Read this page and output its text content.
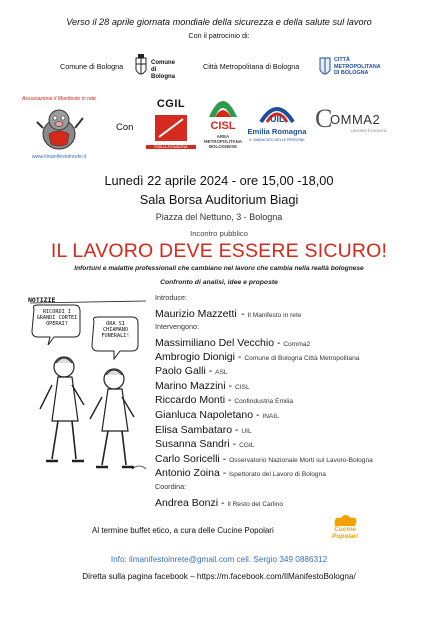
Verso il 28 aprile giornata mondiale della sicurezza e della salute sul lavoro
Con il patrocinio di:
Comune di Bologna	Comune
di Bologna
Città Metropolitana di Bologna
CITTÀ
METROPOLITANA
DI BOLOGNA
Associazione il Manifesto in rete
www.ilmanifestoinrete.it
Con
CGIL
EMILIA-ROMAGNA
CISL
AREA
METROPOLITANA
BOLOGNESE
UIL
Emilia Romagna
IL SINDACATO DELLE PERSONE
C
OMMA2
LAVORO È DIGNITÀ
Lunedì 22 aprile 2024 - ore 15,00 -18,00
Sala Borsa Auditorium Biagi
Piazza del Nettuno, 3 - Bologna
Incontro pubblico
IL LAVORO DEVE ESSERE SICURO!
Infortuni e malattie professionali che cambiano nel lavoro che cambia nella realtà bolognese
Confronto di analisi, idee e proposte
NOTIZIE
RICORDI I GRANDI CORTEI OPERAI?	ORA SI CHIAMANO FUNERALI!
Introduce:
Maurizio Mazzetti - Il Manifesto in rete
Intervengono:
Massimiliano Del Vecchio - Comma2
Ambrogio Dionigi - Comune di Bologna Città Metropolitana
Paolo Galli - ASL
Marino Mazzini - CISL
Riccardo Monti - Confindustria Emilia
Gianluca Napoletano - INAIL
Elisa Sambataro - UIL
Susanna Sandri - CGIL
Carlo Soricelli - Osservatorio Nazionale Morti sul Lavoro-Bologna
Antonio Zoina - Ispettorato del Lavoro di Bologna
Coordina:
Andrea Bonzi - Il Resto del Carlino
Al termine buffet etico, a cura delle Cucine Popolari	Cucine
Popolari
Info: ilmanifestoinrete@gmail.com cell. Sergio 349 0886312
Diretta sulla pagina facebook – https://m.facebook.com/IlManifestoBologna/
